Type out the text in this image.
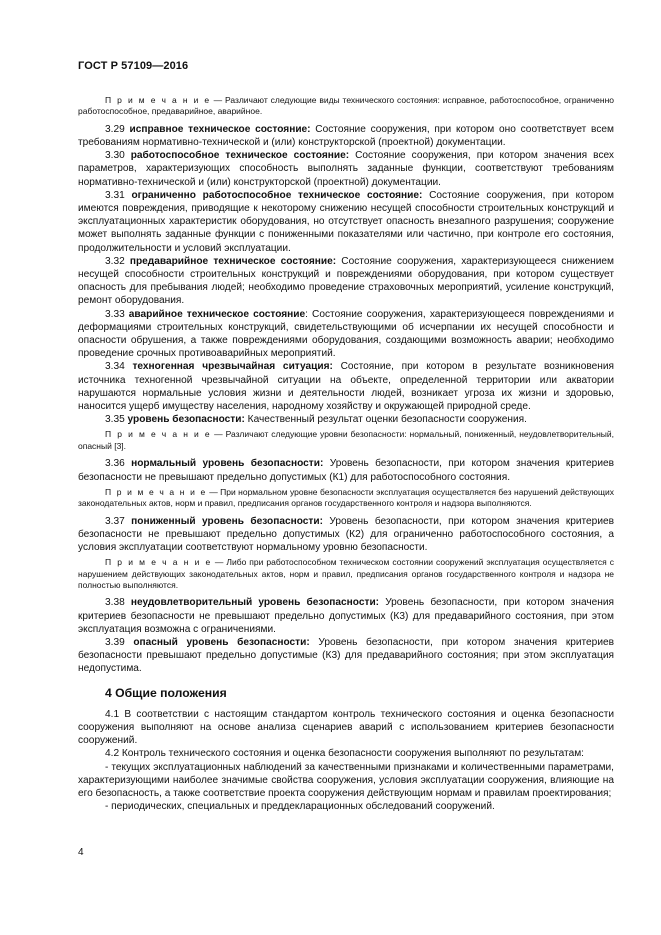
ГОСТ Р 57109—2016

П р и м е ч а н и е — Различают следующие виды технического состояния: исправное, работоспособное, ограниченно работоспособное, предаварийное, аварийное.

3.29 исправное техническое состояние: Состояние сооружения, при котором оно соответствует всем требованиям нормативно-технической и (или) конструкторской (проектной) документации.

3.30 работоспособное техническое состояние: Состояние сооружения, при котором значения всех параметров, характеризующих способность выполнять заданные функции, соответствуют требованиям нормативно-технической и (или) конструкторской (проектной) документации.

3.31 ограниченно работоспособное техническое состояние: Состояние сооружения, при котором имеются повреждения, приводящие к некоторому снижению несущей способности строительных конструкций и эксплуатационных характеристик оборудования, но отсутствует опасность внезапного разрушения; сооружение может выполнять заданные функции с пониженными показателями или частично, при контроле его состояния, продолжительности и условий эксплуатации.

3.32 предаварийное техническое состояние: Состояние сооружения, характеризующееся снижением несущей способности строительных конструкций и повреждениями оборудования, при котором существует опасность для пребывания людей; необходимо проведение страховочных мероприятий, усиление конструкций, ремонт оборудования.

3.33 аварийное техническое состояние: Состояние сооружения, характеризующееся повреждениями и деформациями строительных конструкций, свидетельствующими об исчерпании их несущей способности и опасности обрушения, а также повреждениями оборудования, создающими возможность аварии; необходимо проведение срочных противоаварийных мероприятий.

3.34 техногенная чрезвычайная ситуация: Состояние, при котором в результате возникновения источника техногенной чрезвычайной ситуации на объекте, определенной территории или акватории нарушаются нормальные условия жизни и деятельности людей, возникает угроза их жизни и здоровью, наносится ущерб имуществу населения, народному хозяйству и окружающей природной среде.

3.35 уровень безопасности: Качественный результат оценки безопасности сооружения.

П р и м е ч а н и е — Различают следующие уровни безопасности: нормальный, пониженный, неудовлетворительный, опасный [3].

3.36 нормальный уровень безопасности: Уровень безопасности, при котором значения критериев безопасности не превышают предельно допустимых (К1) для работоспособного состояния.

П р и м е ч а н и е — При нормальном уровне безопасности эксплуатация осуществляется без нарушений действующих законодательных актов, норм и правил, предписания органов государственного контроля и надзора выполняются.

3.37 пониженный уровень безопасности: Уровень безопасности, при котором значения критериев безопасности не превышают предельно допустимых (К2) для ограниченно работоспособного состояния, а условия эксплуатации соответствуют нормальному уровню безопасности.

П р и м е ч а н и е — Либо при работоспособном техническом состоянии сооружений эксплуатация осуществляется с нарушением действующих законодательных актов, норм и правил, предписания органов государственного контроля и надзора не полностью выполняются.

3.38 неудовлетворительный уровень безопасности: Уровень безопасности, при котором значения критериев безопасности не превышают предельно допустимых (К3) для предаварийного состояния, при этом эксплуатация возможна с ограничениями.

3.39 опасный уровень безопасности: Уровень безопасности, при котором значения критериев безопасности превышают предельно допустимые (К3) для предаварийного состояния; при этом эксплуатация недопустима.

4 Общие положения

4.1 В соответствии с настоящим стандартом контроль технического состояния и оценка безопасности сооружения выполняют на основе анализа сценариев аварий с использованием критериев безопасности сооружений.

4.2 Контроль технического состояния и оценка безопасности сооружения выполняют по результатам:

- текущих эксплуатационных наблюдений за качественными признаками и количественными параметрами, характеризующими наиболее значимые свойства сооружения, условия эксплуатации сооружения, влияющие на его безопасность, а также соответствие проекта сооружения действующим нормам и правилам проектирования;

- периодических, специальных и преддекларационных обследований сооружений.

4
